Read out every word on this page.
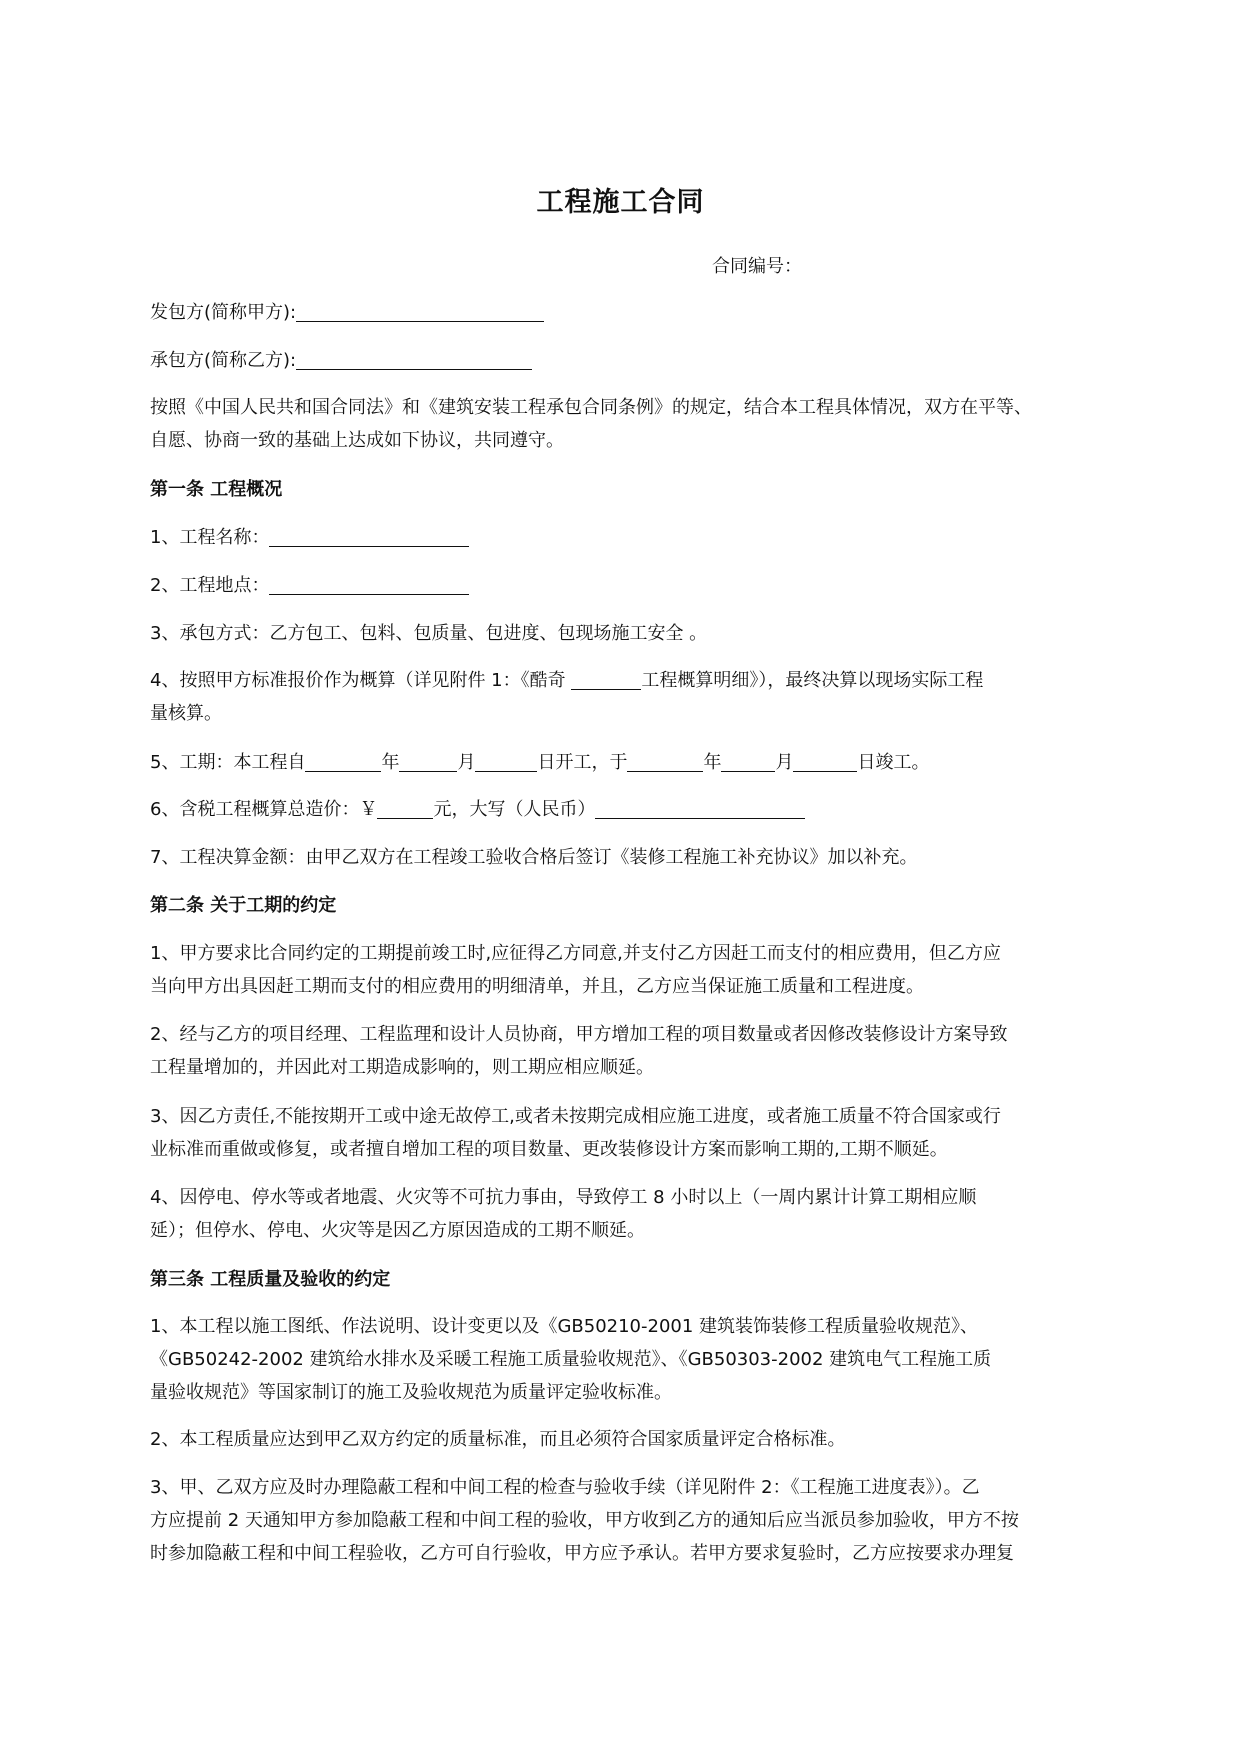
工程施工合同
合同编号：
发包方(简称甲方):
承包方(简称乙方):
按照《中国人民共和国合同法》和《建筑安装工程承包合同条例》的规定，结合本工程具体情况，双方在平等、
自愿、协商一致的基础上达成如下协议，共同遵守。
第一条 工程概况
1、工程名称：
2、工程地点：
3、承包方式：乙方包工、包料、包质量、包进度、包现场施工安全 。
4、按照甲方标准报价作为概算（详见附件 1：《酷奇	工程概算明细》），最终决算以现场实际工程
量核算。
5、工期：本工程自	年	月	日开工，于	年	月	日竣工。
6、含税工程概算总造价：￥	元，大写（人民币）
7、工程决算金额：由甲乙双方在工程竣工验收合格后签订《装修工程施工补充协议》加以补充。
第二条 关于工期的约定
1、甲方要求比合同约定的工期提前竣工时,应征得乙方同意,并支付乙方因赶工而支付的相应费用，但乙方应
当向甲方出具因赶工期而支付的相应费用的明细清单，并且，乙方应当保证施工质量和工程进度。
2、经与乙方的项目经理、工程监理和设计人员协商，甲方增加工程的项目数量或者因修改装修设计方案导致
工程量增加的，并因此对工期造成影响的，则工期应相应顺延。
3、因乙方责任,不能按期开工或中途无故停工,或者未按期完成相应施工进度，或者施工质量不符合国家或行
业标准而重做或修复，或者擅自增加工程的项目数量、更改装修设计方案而影响工期的,工期不顺延。
4、因停电、停水等或者地震、火灾等不可抗力事由，导致停工 8 小时以上（一周内累计计算工期相应顺
延）；但停水、停电、火灾等是因乙方原因造成的工期不顺延。
第三条 工程质量及验收的约定
1、本工程以施工图纸、作法说明、设计变更以及《GB50210-2001 建筑装饰装修工程质量验收规范》、
《GB50242-2002 建筑给水排水及采暖工程施工质量验收规范》、《GB50303-2002 建筑电气工程施工质
量验收规范》等国家制订的施工及验收规范为质量评定验收标准。
2、本工程质量应达到甲乙双方约定的质量标准，而且必须符合国家质量评定合格标准。
3、甲、乙双方应及时办理隐蔽工程和中间工程的检查与验收手续（详见附件 2：《工程施工进度表》）。乙
方应提前 2 天通知甲方参加隐蔽工程和中间工程的验收，甲方收到乙方的通知后应当派员参加验收，甲方不按
时参加隐蔽工程和中间工程验收，乙方可自行验收，甲方应予承认。若甲方要求复验时，乙方应按要求办理复
